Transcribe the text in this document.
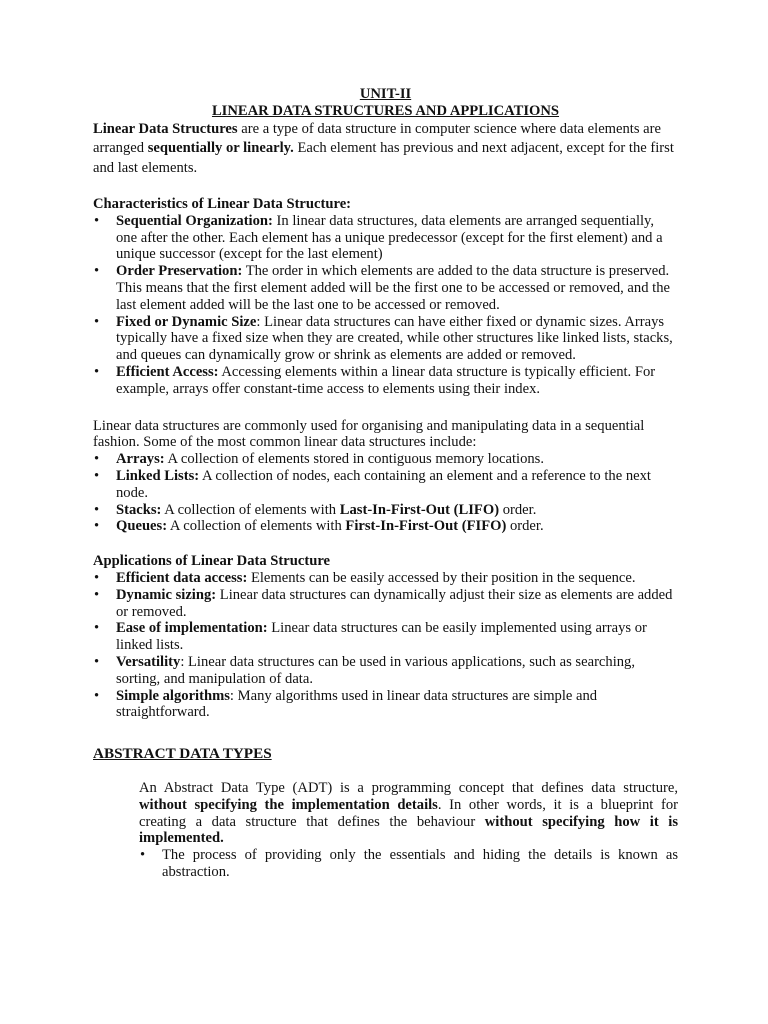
UNIT-II
LINEAR DATA STRUCTURES AND APPLICATIONS

Linear Data Structures are a type of data structure in computer science where data elements are arranged sequentially or linearly. Each element has previous and next adjacent, except for the first and last elements.

Characteristics of Linear Data Structure:

• Sequential Organization: In linear data structures, data elements are arranged sequentially, one after the other. Each element has a unique predecessor (except for the first element) and a unique successor (except for the last element)
• Order Preservation: The order in which elements are added to the data structure is preserved. This means that the first element added will be the first one to be accessed or removed, and the last element added will be the last one to be accessed or removed.
• Fixed or Dynamic Size: Linear data structures can have either fixed or dynamic sizes. Arrays typically have a fixed size when they are created, while other structures like linked lists, stacks, and queues can dynamically grow or shrink as elements are added or removed.
• Efficient Access: Accessing elements within a linear data structure is typically efficient. For example, arrays offer constant-time access to elements using their index.

Linear data structures are commonly used for organising and manipulating data in a sequential fashion. Some of the most common linear data structures include:

• Arrays: A collection of elements stored in contiguous memory locations.
• Linked Lists: A collection of nodes, each containing an element and a reference to the next node.
• Stacks: A collection of elements with Last-In-First-Out (LIFO) order.
• Queues: A collection of elements with First-In-First-Out (FIFO) order.

Applications of Linear Data Structure

• Efficient data access: Elements can be easily accessed by their position in the sequence.
• Dynamic sizing: Linear data structures can dynamically adjust their size as elements are added or removed.
• Ease of implementation: Linear data structures can be easily implemented using arrays or linked lists.
• Versatility: Linear data structures can be used in various applications, such as searching, sorting, and manipulation of data.
• Simple algorithms: Many algorithms used in linear data structures are simple and straightforward.

ABSTRACT DATA TYPES

An Abstract Data Type (ADT) is a programming concept that defines data structure, without specifying the implementation details. In other words, it is a blueprint for creating a data structure that defines the behaviour without specifying how it is implemented.

• The process of providing only the essentials and hiding the details is known as abstraction.
